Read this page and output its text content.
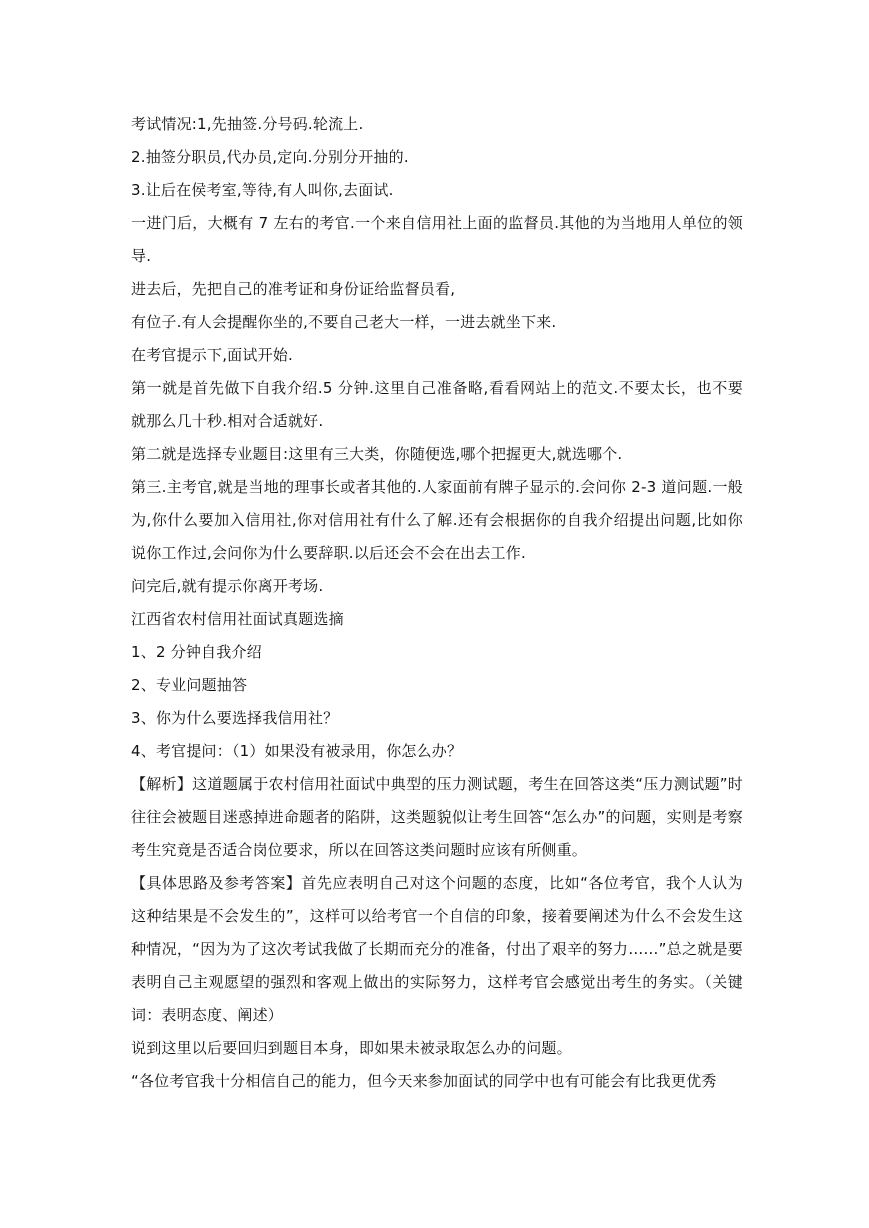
考试情况:1,先抽签.分号码.轮流上.

2.抽签分职员,代办员,定向.分别分开抽的.

3.让后在侯考室,等待,有人叫你,去面试.

一进门后，大概有 7 左右的考官.一个来自信用社上面的监督员.其他的为当地用人单位的领导.

进去后，先把自己的准考证和身份证给监督员看,

有位子.有人会提醒你坐的,不要自己老大一样，一进去就坐下来.

在考官提示下,面试开始.

第一就是首先做下自我介绍.5 分钟.这里自己准备略,看看网站上的范文.不要太长，也不要就那么几十秒.相对合适就好.

第二就是选择专业题目:这里有三大类，你随便选,哪个把握更大,就选哪个.

第三.主考官,就是当地的理事长或者其他的.人家面前有牌子显示的.会问你 2-3 道问题.一般为,你什么要加入信用社,你对信用社有什么了解.还有会根据你的自我介绍提出问题,比如你说你工作过,会问你为什么要辞职.以后还会不会在出去工作.

问完后,就有提示你离开考场.

江西省农村信用社面试真题选摘

1、2 分钟自我介绍

2、专业问题抽答

3、你为什么要选择我信用社？

4、考官提问：（1）如果没有被录用，你怎么办？

【解析】这道题属于农村信用社面试中典型的压力测试题，考生在回答这类“压力测试题”时往往会被题目迷惑掉进命题者的陷阱，这类题貌似让考生回答“怎么办”的问题，实则是考察考生究竟是否适合岗位要求，所以在回答这类问题时应该有所侧重。

【具体思路及参考答案】首先应表明自己对这个问题的态度，比如“各位考官，我个人认为这种结果是不会发生的”，这样可以给考官一个自信的印象，接着要阐述为什么不会发生这种情况，“因为为了这次考试我做了长期而充分的准备，付出了艰辛的努力……”总之就是要表明自己主观愿望的强烈和客观上做出的实际努力，这样考官会感觉出考生的务实。（关键词：表明态度、阐述）

说到这里以后要回归到题目本身，即如果未被录取怎么办的问题。

“各位考官我十分相信自己的能力，但今天来参加面试的同学中也有可能会有比我更优秀
